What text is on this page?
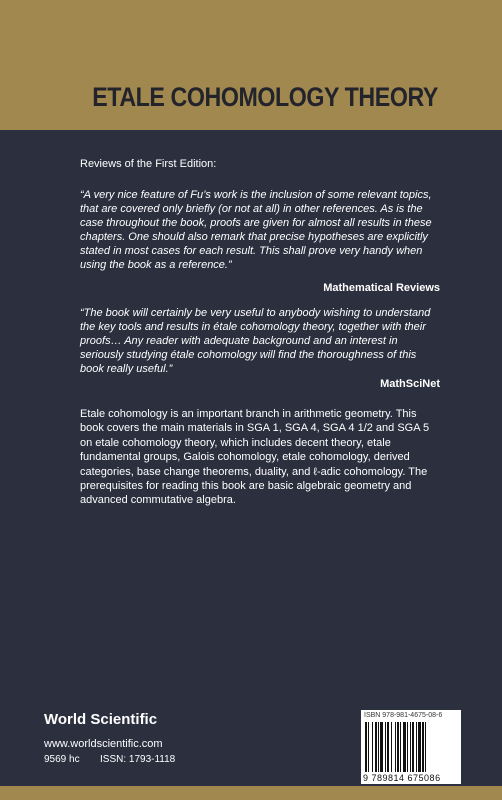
ETALE COHOMOLOGY THEORY
Reviews of the First Edition:
“A very nice feature of Fu’s work is the inclusion of some relevant topics, that are covered only briefly (or not at all) in other references. As is the case throughout the book, proofs are given for almost all results in these chapters. One should also remark that precise hypotheses are explicitly stated in most cases for each result. This shall prove very handy when using the book as a reference.”
Mathematical Reviews
“The book will certainly be very useful to anybody wishing to understand the key tools and results in étale cohomology theory, together with their proofs… Any reader with adequate background and an interest in seriously studying étale cohomology will find the thoroughness of this book really useful.”
MathSciNet
Etale cohomology is an important branch in arithmetic geometry. This book covers the main materials in SGA 1, SGA 4, SGA 4 1/2 and SGA 5 on etale cohomology theory, which includes decent theory, etale fundamental groups, Galois cohomology, etale cohomology, derived categories, base change theorems, duality, and ℓ-adic cohomology. The prerequisites for reading this book are basic algebraic geometry and advanced commutative algebra.
World Scientific
www.worldscientific.com
9569 hc ISSN: 1793-1118
ISBN 978-981-4675-08-6
9 789814 675086
